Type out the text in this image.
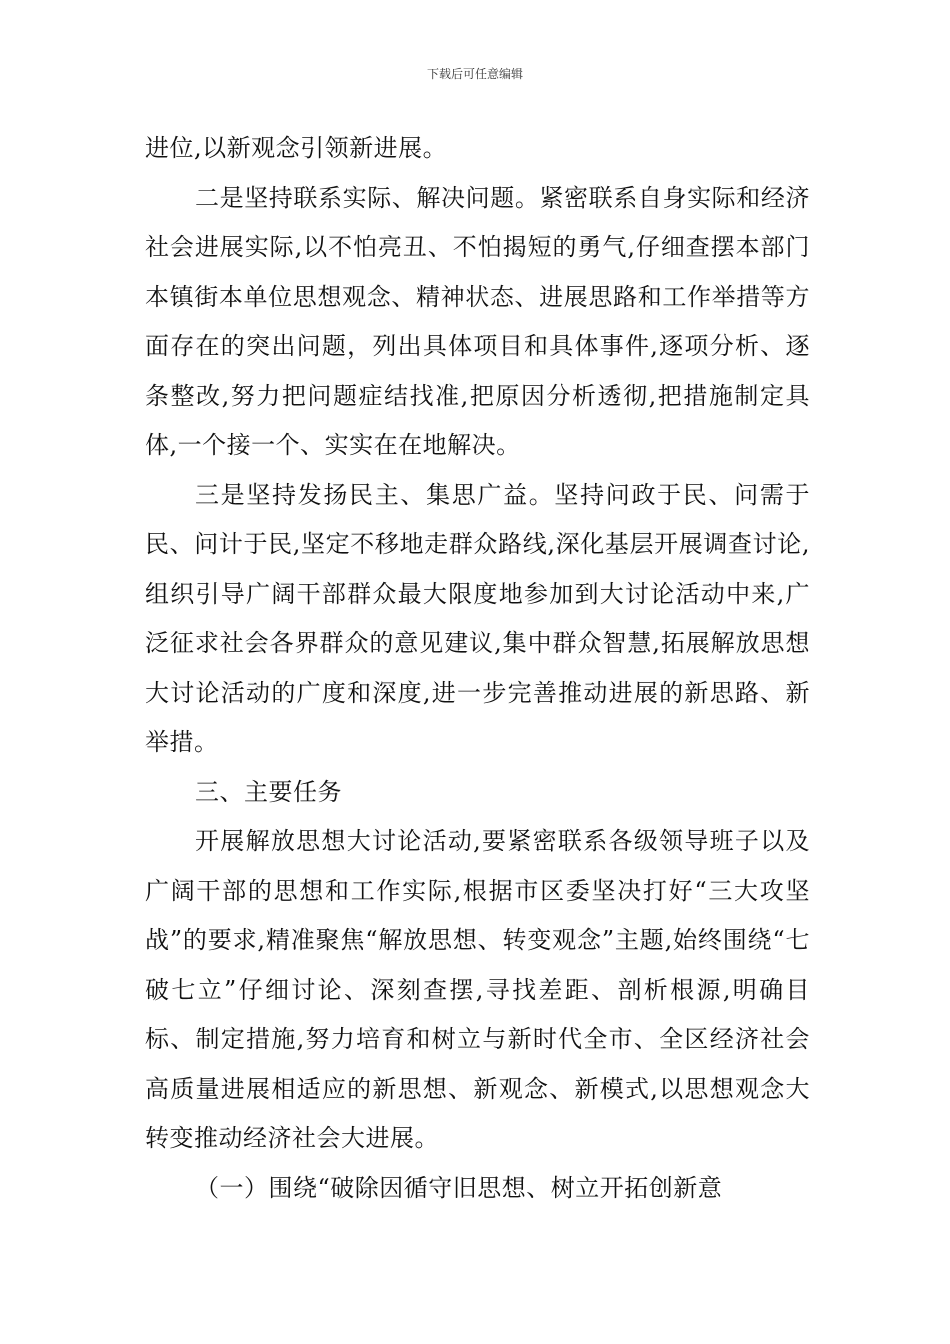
下载后可任意编辑

进位,以新观念引领新进展。

二是坚持联系实际、解决问题。紧密联系自身实际和经济社会进展实际,以不怕亮丑、不怕揭短的勇气,仔细查摆本部门本镇街本单位思想观念、精神状态、进展思路和工作举措等方面存在的突出问题，列出具体项目和具体事件,逐项分析、逐条整改,努力把问题症结找准,把原因分析透彻,把措施制定具体,一个接一个、实实在在地解决。

三是坚持发扬民主、集思广益。坚持问政于民、问需于民、问计于民,坚定不移地走群众路线,深化基层开展调查讨论,组织引导广阔干部群众最大限度地参加到大讨论活动中来,广泛征求社会各界群众的意见建议,集中群众智慧,拓展解放思想大讨论活动的广度和深度,进一步完善推动进展的新思路、新举措。

三、主要任务

开展解放思想大讨论活动,要紧密联系各级领导班子以及广阔干部的思想和工作实际,根据市区委坚决打好“三大攻坚战”的要求,精准聚焦“解放思想、转变观念”主题,始终围绕“七破七立”仔细讨论、深刻查摆,寻找差距、剖析根源,明确目标、制定措施,努力培育和树立与新时代全市、全区经济社会高质量进展相适应的新思想、新观念、新模式,以思想观念大转变推动经济社会大进展。

（一）围绕“破除因循守旧思想、树立开拓创新意
